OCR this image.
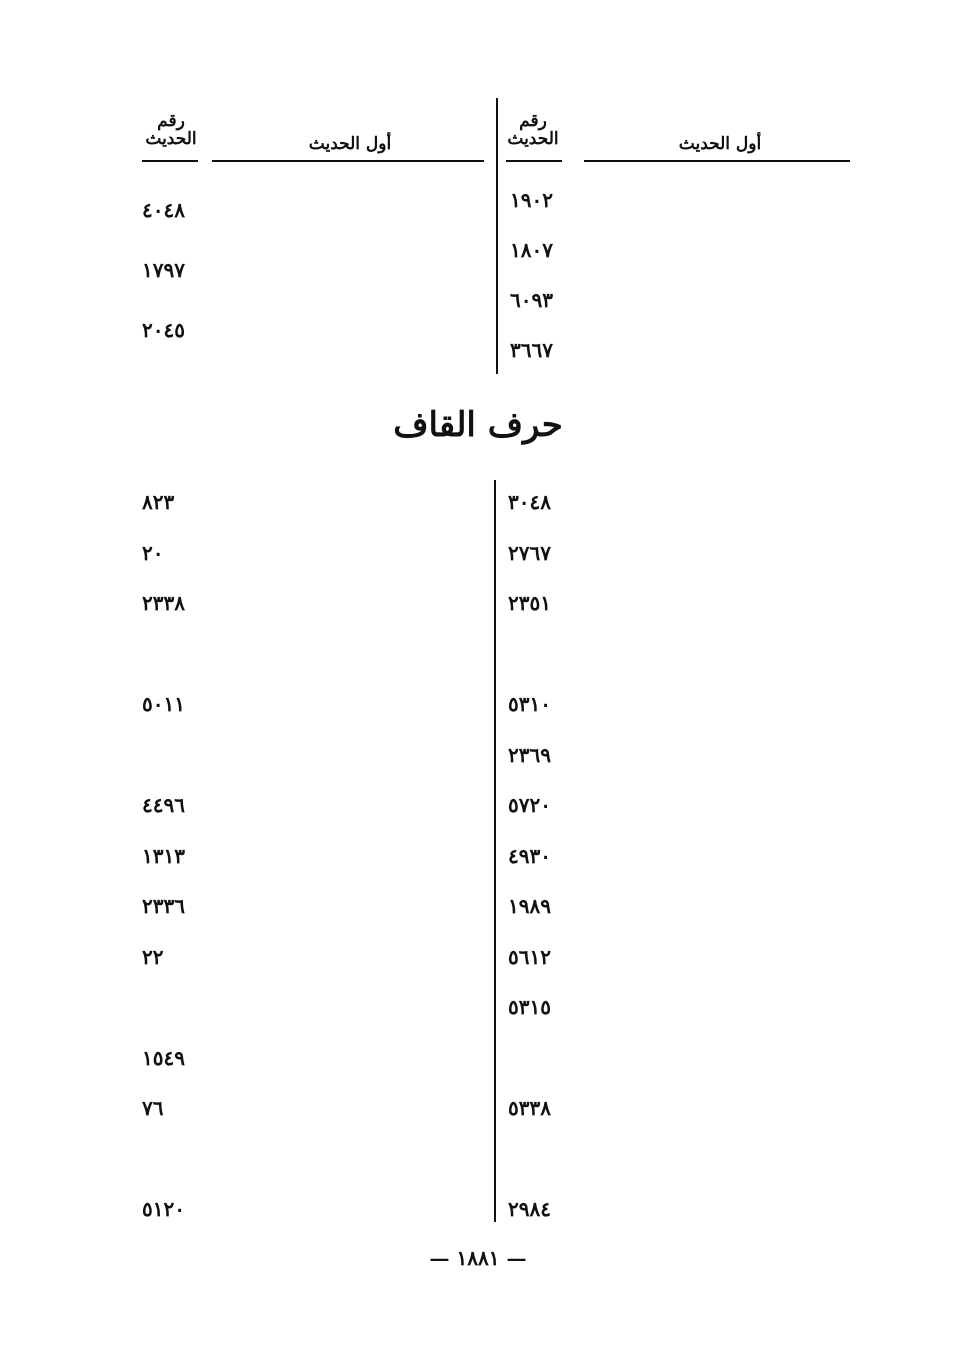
رقم
الحديث	أول الحديث
رقم
الحديث	أول الحديث
١٩٠٢
١٨٠٧
٦٠٩٣
٣٦٦٧
٤٠٤٨
١٧٩٧
٢٠٤٥
حرف القاف
٣٠٤٨
٢٧٦٧
٢٣٥١
٥٣١٠
٢٣٦٩
٥٧٢٠
٤٩٣٠
١٩٨٩
٥٦١٢
٥٣١٥
٥٣٣٨
٢٩٨٤
٨٢٣
٢٠
٢٣٣٨
٥٠١١
٤٤٩٦
١٣١٣
٢٣٣٦
٢٢
١٥٤٩
٧٦
٥١٢٠
— ١٨٨١ —
